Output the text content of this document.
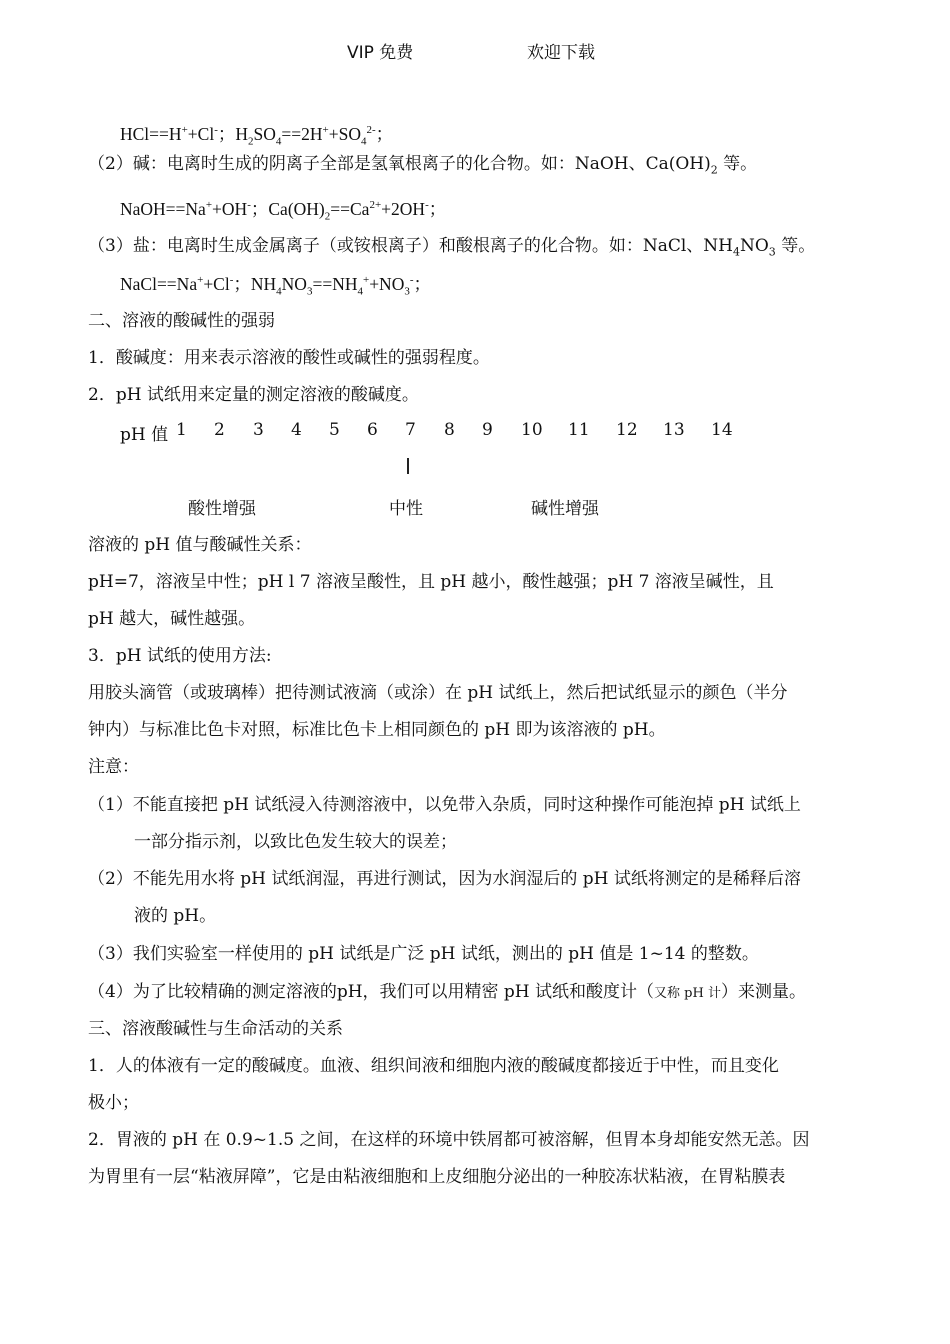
VIP 免费	欢迎下载
HCl==H++Cl-；$H_2SO_4==2H^++SO_4^{2-}$；
（2）碱：电离时生成的阴离子全部是氢氧根离子的化合物。如：NaOH、$Ca(OH)_2$ 等。
NaOH==Na++OH-；$Ca(OH)_2==Ca^{2+}+2OH^-$；
（3）盐：电离时生成金属离子（或铵根离子）和酸根离子的化合物。如：NaCl、$NH_4NO_3$ 等。
NaCl==Na++Cl-；$NH_4NO_3==NH_4^++NO_3^-$；
二、溶液的酸碱性的强弱
1．酸碱度：用来表示溶液的酸性或碱性的强弱程度。
2．pH 试纸用来定量的测定溶液的酸碱度。
pH 值 1 2 3 4 5 6 7 8 9 10 11 12 13 14
酸性增强	中性	碱性增强
溶液的 pH 值与酸碱性关系：
pH=7，溶液呈中性；pH l 7 溶液呈酸性，且 pH 越小，酸性越强；pH 7 溶液呈碱性，且
pH 越大，碱性越强。
3．pH 试纸的使用方法:
用胶头滴管（或玻璃棒）把待测试液滴（或涂）在 pH 试纸上，然后把试纸显示的颜色（半分
钟内）与标准比色卡对照，标准比色卡上相同颜色的 pH 即为该溶液的 pH。
注意：
（1）不能直接把 pH 试纸浸入待测溶液中，以免带入杂质，同时这种操作可能泡掉 pH 试纸上
一部分指示剂，以致比色发生较大的误差；
（2）不能先用水将 pH 试纸润湿，再进行测试，因为水润湿后的 pH 试纸将测定的是稀释后溶
液的 pH。
（3）我们实验室一样使用的 pH 试纸是广泛 pH 试纸，测出的 pH 值是 1~14 的整数。
（4）为了比较精确的测定溶液的pH，我们可以用精密 pH 试纸和酸度计（又称 pH 计）来测量。
三、溶液酸碱性与生命活动的关系
1．人的体液有一定的酸碱度。血液、组织间液和细胞内液的酸碱度都接近于中性，而且变化
极小；
2．胃液的 pH 在 0.9~1.5 之间，在这样的环境中铁屑都可被溶解，但胃本身却能安然无恙。因
为胃里有一层“粘液屏障”，它是由粘液细胞和上皮细胞分泌出的一种胶冻状粘液，在胃粘膜表
